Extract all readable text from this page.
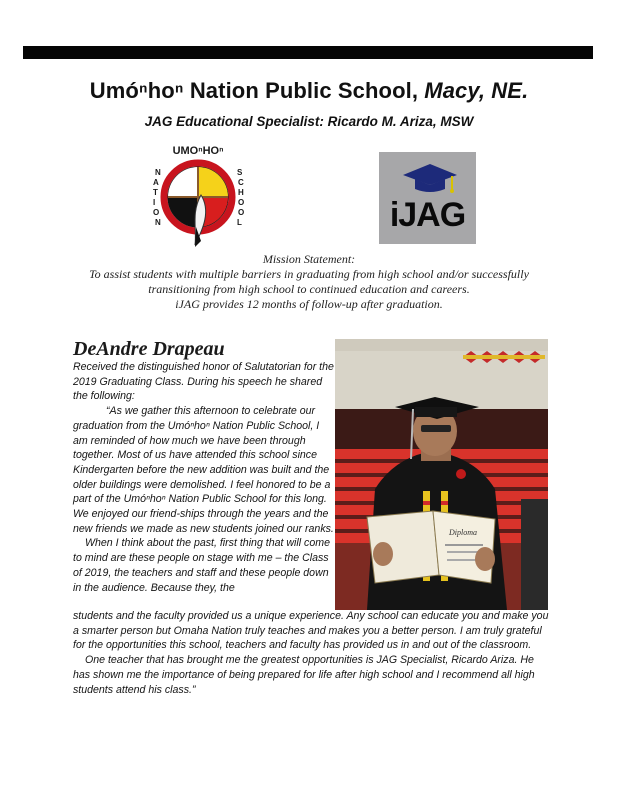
Umóⁿhoⁿ Nation Public School, Macy, NE.
JAG Educational Specialist: Ricardo M. Ariza, MSW
UMOⁿHOⁿ
N
A
T
I
O
N
S
C
H
O
O
L	iJAG
Mission Statement:
To assist students with multiple barriers in graduating from high school and/or successfully
transitioning from high school to continued education and careers.
iJAG provides 12 months of follow-up after graduation.
DeAndre Drapeau
Diploma

Received the distinguished honor of Salutatorian for the 2019 Graduating Class. During his speech he shared the following:

“As we gather this afternoon to celebrate our graduation from the Umóⁿhoⁿ Nation Public School, I am reminded of how much we have been through together. Most of us have attended this school since Kindergarten before the new addition was built and the older buildings were demolished. I feel honored to be a part of the Umóⁿhoⁿ Nation Public School for this long. We enjoyed our friend-ships through the years and the new friends we made as new students joined our ranks.

When I think about the past, first thing that will come to mind are these people on stage with me – the Class of 2019, the teachers and staff and these people down in the audience. Because they, the

students and the faculty provided us a unique experience. Any school can educate you and make you a smarter person but Omaha Nation truly teaches and makes you a better person. I am truly grateful for the opportunities this school, teachers and faculty has provided us in and out of the classroom.

One teacher that has brought me the greatest opportunities is JAG Specialist, Ricardo Ariza. He has shown me the importance of being prepared for life after high school and I recommend all high students attend his class.”
